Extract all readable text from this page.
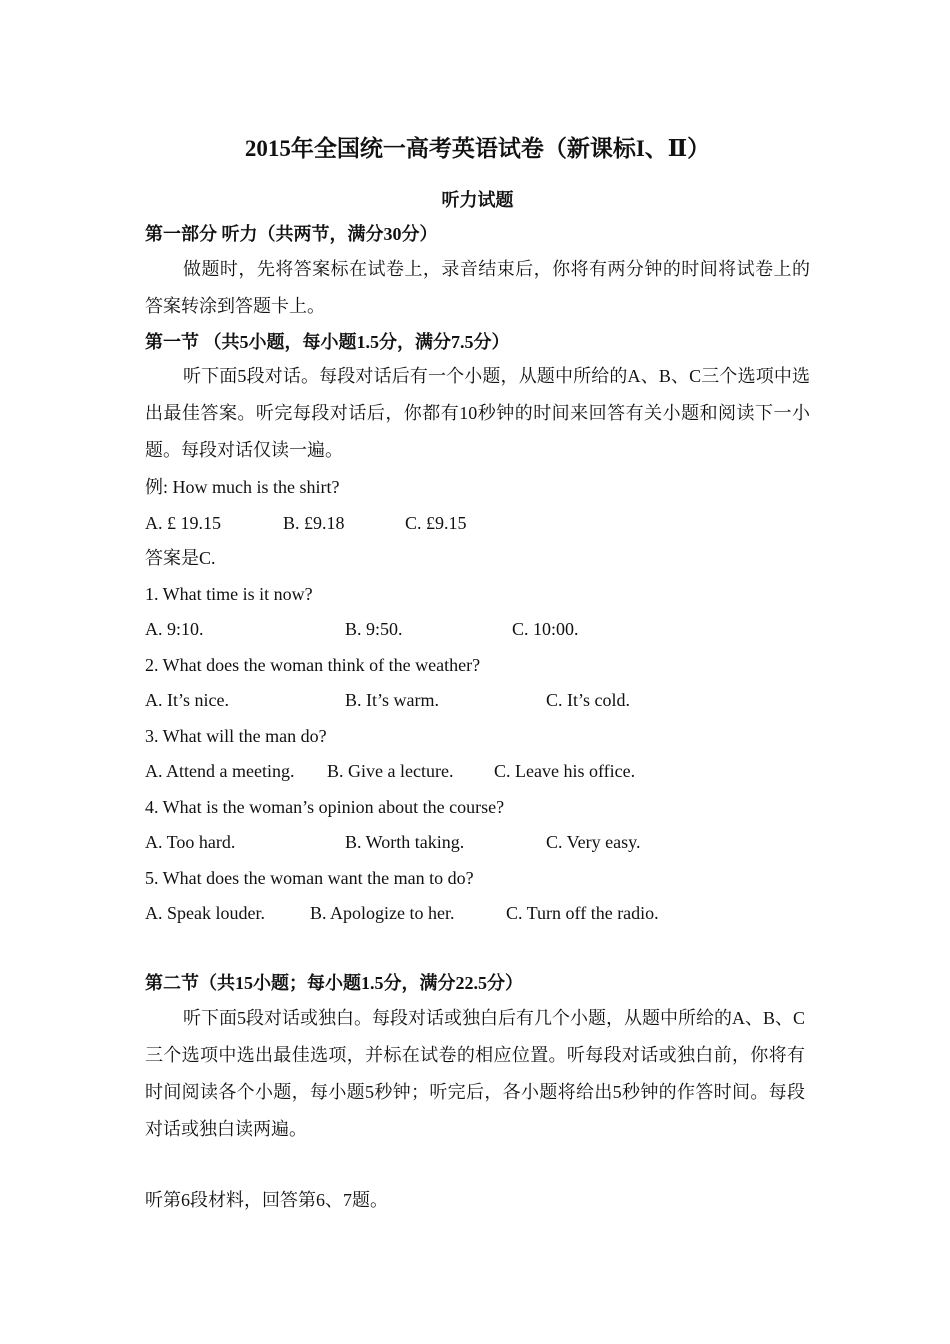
2015年全国统一高考英语试卷（新课标I、Ⅱ）
听力试题
第一部分 听力（共两节，满分30分）
做题时，先将答案标在试卷上，录音结束后，你将有两分钟的时间将试卷上的答案转涂到答题卡上。
第一节 （共5小题，每小题1.5分，满分7.5分）
听下面5段对话。每段对话后有一个小题，从题中所给的A、B、C三个选项中选出最佳答案。听完每段对话后，你都有10秒钟的时间来回答有关小题和阅读下一小题。每段对话仅读一遍。
例: How much is the shirt?
A. £ 19.15	B. £9.18	C. £9.15
答案是C.
1. What time is it now?
A. 9:10.	B. 9:50.	C. 10:00.
2. What does the woman think of the weather?
A. It’s nice.	B. It’s warm.	C. It’s cold.
3. What will the man do?
A. Attend a meeting. B. Give a lecture. C. Leave his office.
4. What is the woman’s opinion about the course?
A. Too hard.	B. Worth taking.	C. Very easy.
5. What does the woman want the man to do?
A. Speak louder.	B. Apologize to her.	C. Turn off the radio.
第二节（共15小题；每小题1.5分，满分22.5分）
听下面5段对话或独白。每段对话或独白后有几个小题，从题中所给的A、B、C三个选项中选出最佳选项，并标在试卷的相应位置。听每段对话或独白前，你将有时间阅读各个小题，每小题5秒钟；听完后，各小题将给出5秒钟的作答时间。每段对话或独白读两遍。
听第6段材料，回答第6、7题。
